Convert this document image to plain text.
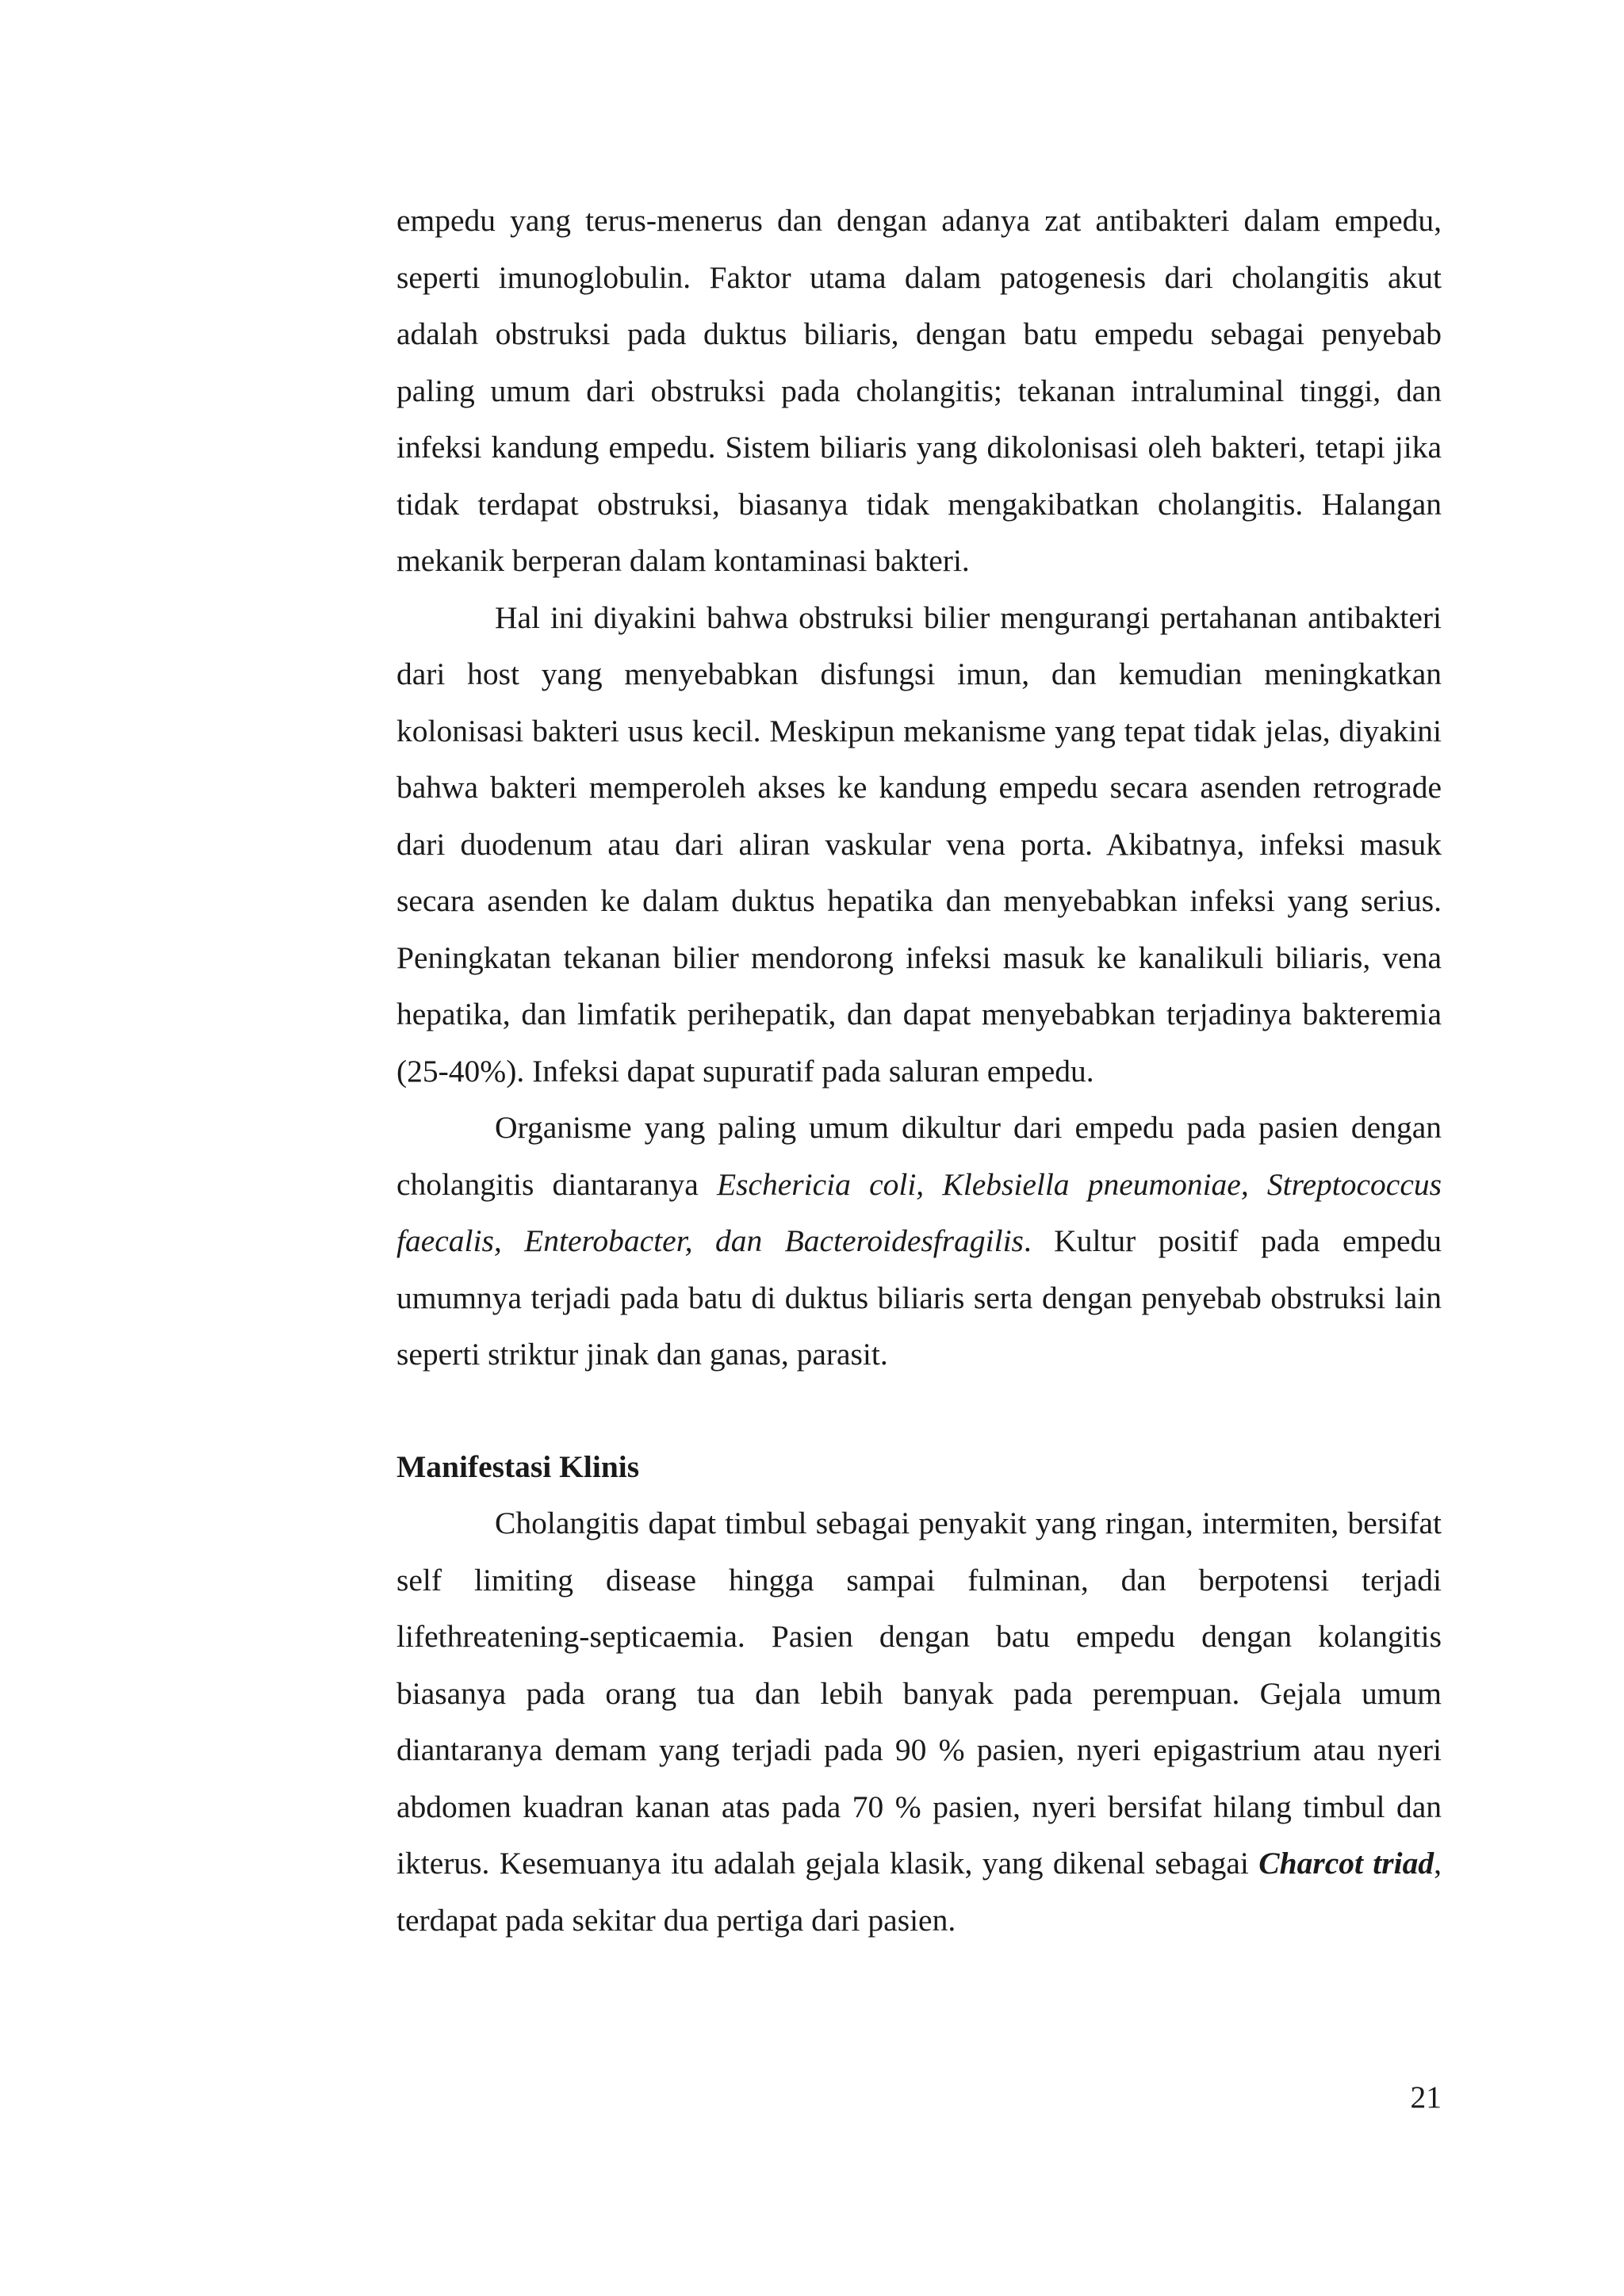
empedu yang terus-menerus dan dengan adanya zat antibakteri dalam empedu, seperti imunoglobulin. Faktor utama dalam patogenesis dari cholangitis akut adalah obstruksi pada duktus biliaris, dengan batu empedu sebagai penyebab paling umum dari obstruksi pada cholangitis; tekanan intraluminal tinggi, dan infeksi kandung empedu. Sistem biliaris yang dikolonisasi oleh bakteri, tetapi jika tidak terdapat obstruksi, biasanya tidak mengakibatkan cholangitis. Halangan mekanik berperan dalam kontaminasi bakteri.

Hal ini diyakini bahwa obstruksi bilier mengurangi pertahanan antibakteri dari host yang menyebabkan disfungsi imun, dan kemudian meningkatkan kolonisasi bakteri usus kecil. Meskipun mekanisme yang tepat tidak jelas, diyakini bahwa bakteri memperoleh akses ke kandung empedu secara asenden retrograde dari duodenum atau dari aliran vaskular vena porta. Akibatnya, infeksi masuk secara asenden ke dalam duktus hepatika dan menyebabkan infeksi yang serius. Peningkatan tekanan bilier mendorong infeksi masuk ke kanalikuli biliaris, vena hepatika, dan limfatik perihepatik, dan dapat menyebabkan terjadinya bakteremia (25-40%). Infeksi dapat supuratif pada saluran empedu.

Organisme yang paling umum dikultur dari empedu pada pasien dengan cholangitis diantaranya Eschericia coli, Klebsiella pneumoniae, Streptococcus faecalis, Enterobacter, dan Bacteroidesfragilis. Kultur positif pada empedu umumnya terjadi pada batu di duktus biliaris serta dengan penyebab obstruksi lain seperti striktur jinak dan ganas, parasit.

Manifestasi Klinis

Cholangitis dapat timbul sebagai penyakit yang ringan, intermiten, bersifat self limiting disease hingga sampai fulminan, dan berpotensi terjadi lifethreatening-septicaemia. Pasien dengan batu empedu dengan kolangitis biasanya pada orang tua dan lebih banyak pada perempuan. Gejala umum diantaranya demam yang terjadi pada 90 % pasien, nyeri epigastrium atau nyeri abdomen kuadran kanan atas pada 70 % pasien, nyeri bersifat hilang timbul dan ikterus. Kesemuanya itu adalah gejala klasik, yang dikenal sebagai Charcot triad, terdapat pada sekitar dua pertiga dari pasien.

21
